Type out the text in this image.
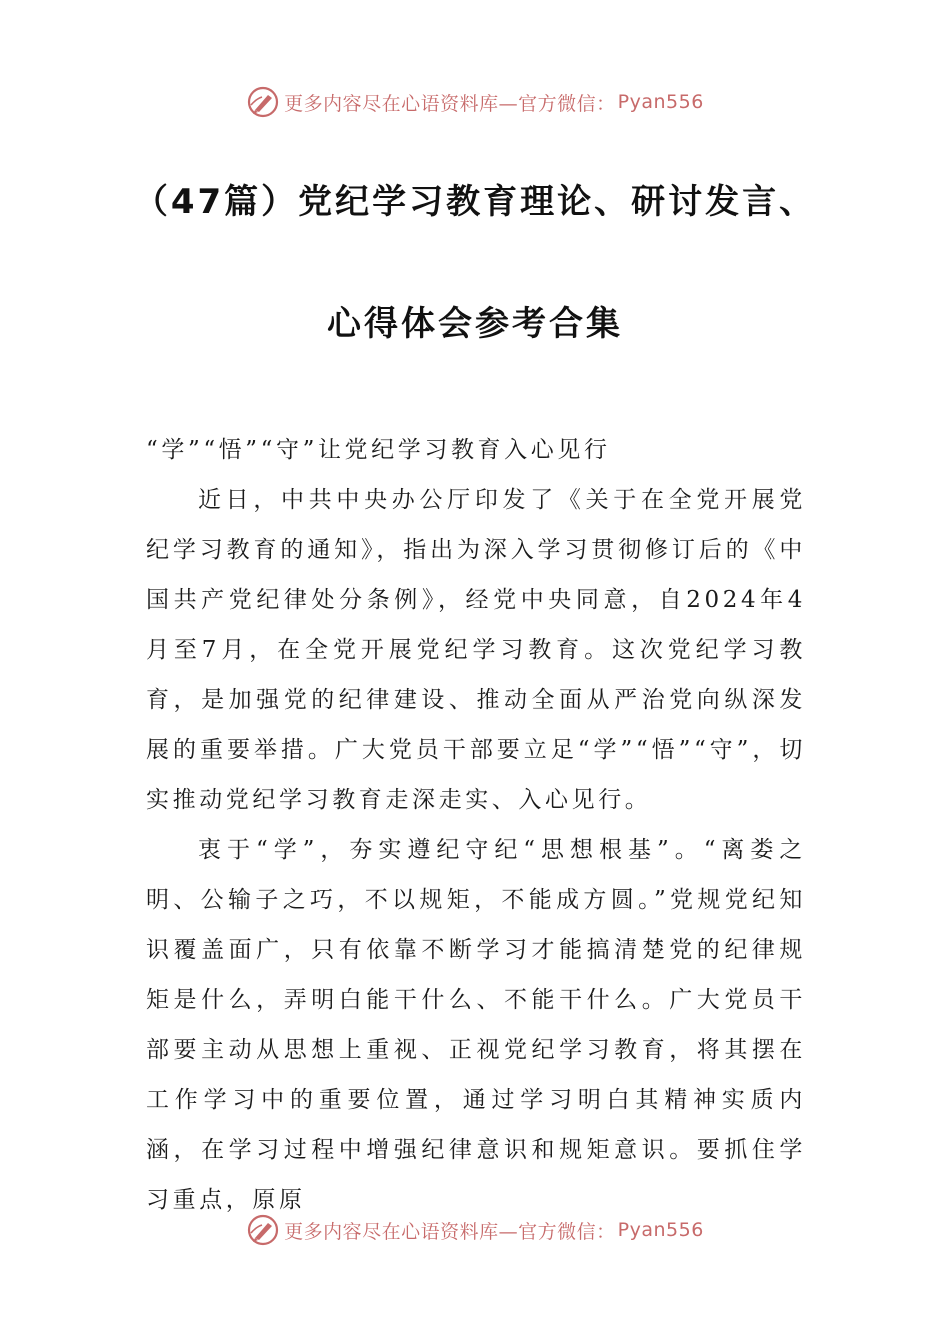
更多内容尽在心语资料库—官方微信： Pyan556
（47篇）党纪学习教育理论、研讨发言、
心得体会参考合集

“学”“悟”“守”让党纪学习教育入心见行

近日，中共中央办公厅印发了《关于在全党开展党纪学习教育的通知》，指出为深入学习贯彻修订后的《中国共产党纪律处分条例》，经党中央同意，自2024年4月至7月，在全党开展党纪学习教育。这次党纪学习教育，是加强党的纪律建设、推动全面从严治党向纵深发展的重要举措。广大党员干部要立足“学”“悟”“守”，切实推动党纪学习教育走深走实、入心见行。

衷于“学”，夯实遵纪守纪“思想根基”。“离娄之明、公输子之巧，不以规矩，不能成方圆。”党规党纪知识覆盖面广，只有依靠不断学习才能搞清楚党的纪律规矩是什么，弄明白能干什么、不能干什么。广大党员干部要主动从思想上重视、正视党纪学习教育，将其摆在工作学习中的重要位置，通过学习明白其精神实质内涵，在学习过程中增强纪律意识和规矩意识。要抓住学习重点，原原

更多内容尽在心语资料库—官方微信： Pyan556
